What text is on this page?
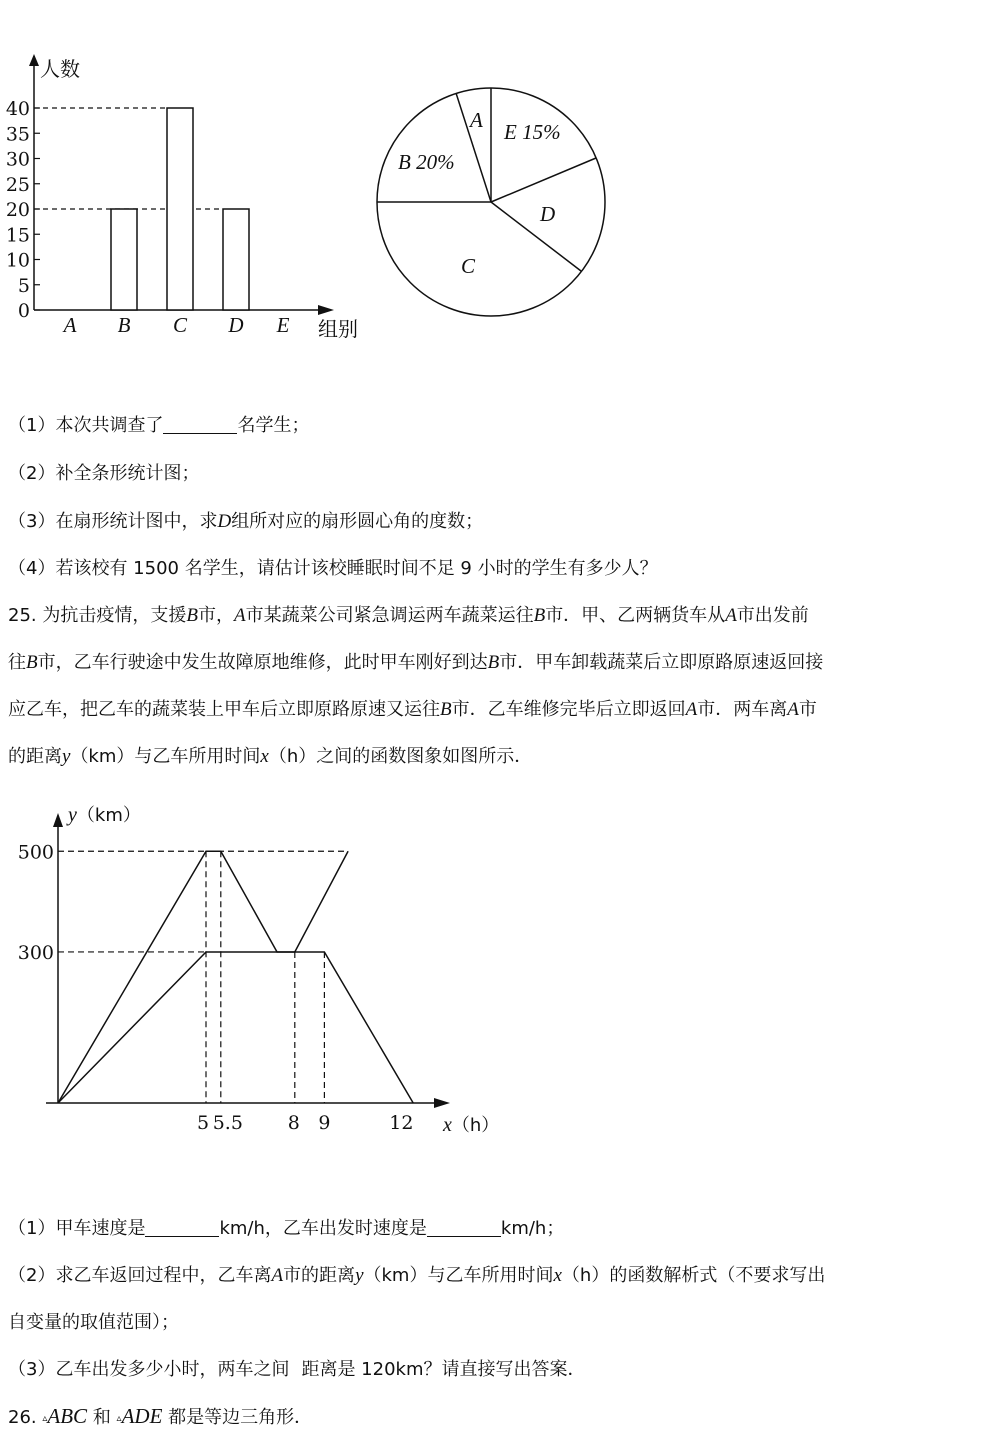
人数
组别
0
5
10
15
20
25
30
35
40
A B C D E
A E 15%
D
C
B 20%
（1）本次共调查了	名学生；
（2）补全条形统计图；
（3）在扇形统计图中，求D组所对应的扇形圆心角的度数；
（4）若该校有 1500 名学生，请估计该校睡眠时间不足 9 小时的学生有多少人？
25. 为抗击疫情，支援B市，A市某蔬菜公司紧急调运两车蔬菜运往B市．甲、乙两辆货车从A市出发前
往B市，乙车行驶途中发生故障原地维修，此时甲车刚好到达B市．甲车卸载蔬菜后立即原路原速返回接
应乙车，把乙车的蔬菜装上甲车后立即原路原速又运往B市．乙车维修完毕后立即返回A市．两车离A市
的距离y（km）与乙车所用时间x（h）之间的函数图象如图所示．
y（km）
x（h）
5 5.5 8 9	12
300
500
（1）甲车速度是	km/h，乙车出发时速度是	km/h；
（2）求乙车返回过程中，乙车离A市的距离y（km）与乙车所用时间x（h）的函数解析式（不要求写出
自变量的取值范围）；
（3）乙车出发多少小时，两车之间 距离是 120km？请直接写出答案．
26. ▵ABC 和 ▵ADE 都是等边三角形．
